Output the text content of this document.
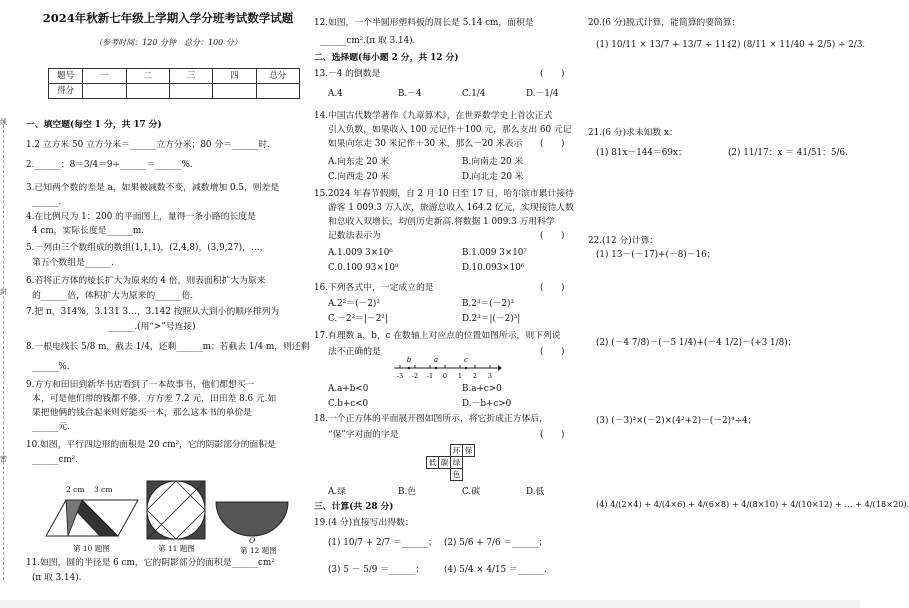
线
封
密
2024年秋新七年级上学期入学分班考试数学试题
（参考时间：120 分钟　总分：100 分）
题号	一	二	三	四	总分
得分					
一、填空题(每空 1 分，共 17 分)
1.2 立方米 50 立方分米＝______立方分米；80 分＝______时.
2.______：8＝3/4＝9÷______＝______%.
3.已知两个数的差是 a，如果被减数不变，减数增加 0.5，则差是
______.
4.在比例尺为 1：200 的平面图上，量得一条小路的长度是
4 cm，实际长度是______m.
5.一列由三个数组成的数组(1,1,1)，(2,4,8)，(3,9,27)，…，
第五个数组是______.
6.若将正方体的棱长扩大为原来的 4 倍，则表面积扩大为原来
的______倍，体积扩大为原来的______倍.
7.把 π，314%，3.131 3…，3.142 按照从大到小的顺序排列为
______.(用“>”号连接)
8.一根电线长 5/8 m，截去 1/4，还剩______m；若截去 1/4 m，则还剩
______%.
9.方方和田田到新华书店看到了一本故事书，他们都想买一
本，可是他们带的钱都不够，方方差 7.2 元，田田差 8.6 元.如
果把他俩的钱合起来则好能买一本，那么这本书的单价是
______元.
10.如图，平行四边形的面积是 20 cm²，它的阴影部分的面积是
______cm².
2 cm 3 cm
第 10 题图	第 11 题图
O
第 12 题图
11.如图，圆的半径是 6 cm，它的阴影部分的面积是______cm²
(π 取 3.14).
12.如图，一个半圆形塑料板的周长是 5.14 cm，面积是
______cm².(π 取 3.14).
二、选择题(每小题 2 分，共 12 分)
13.－4 的倒数是	(　　)
A.4	B.－4	C.1/4	D.－1/4
14.中国古代数学著作《九章算术》，在世界数学史上首次正式
引入负数，如果收入 100 元记作＋100 元，那么支出 60 元记
如果向东走 30 米记作＋30 米，那么－20 米表示 (　　)
A.向东走 20 米	B.向南走 20 米
C.向西走 20 米	D.向北走 20 米
15.2024 年春节假期，自 2 月 10 日至 17 日，哈尔滨市累计接待
游客 1 009.3 万人次，旅游总收入 164.2 亿元，实现接待人数
和总收入双增长，均创历史新高.将数据 1 009.3 万用科学
记数法表示为	(　　)
A.1.009 3×10⁶	B.1.009 3×10⁷
C.0.100 93×10⁸	D.10.093×10⁶
16.下列各式中，一定成立的是	(　　)
A.2²＝(－2)²	B.2³＝(－2)³
C.－2²＝|－2²|	D.2³＝|(－2)³|
17.有理数 a，b，c 在数轴上对应点的位置如图所示，则下列说
法不正确的是	(　　)
-3 -2 -1 0 1 2 3
b	a	c
A.a+b<0	B.a+c>0
C.b+c<0	D.－b+c>0
18.一个正方体的平面展开图如图所示，将它折成正方体后，
“保”字对面的字是	(　　)
		环	保
低	碳	绿	
		色	
A.绿	B.色	C.碳	D.低
三、计算(共 28 分)
19.(4 分)直接写出得数：
(1) 10/7 + 2/7 ＝______； (2) 5/6 + 7/6 ＝______；
(3) 5 － 5/9 ＝______； (4) 5/4 × 4/15 ＝______.
20.(6 分)脱式计算，能简算的要简算：
(1) 10/11 × 13/7 + 13/7 ÷ 11；
(2) (8/11 × 11/40 + 2/5) ÷ 2/3.
21.(6 分)求未知数 x：
(1) 81x－144＝69x；	(2) 11/17：x ＝ 41/51：5/6.
22.(12 分)计算：
(1) 13－(－17)+(－8)－16；
(2) (－4 7/8)－(－5 1/4)+(－4 1/2)－(+3 1/8)；
(3) (－3)³×(－2)×(4²+2)－(－2)⁴÷4；
(4) 4/(2×4) + 4/(4×6) + 4/(6×8) + 4/(8×10) + 4/(10×12) + … + 4/(18×20).
